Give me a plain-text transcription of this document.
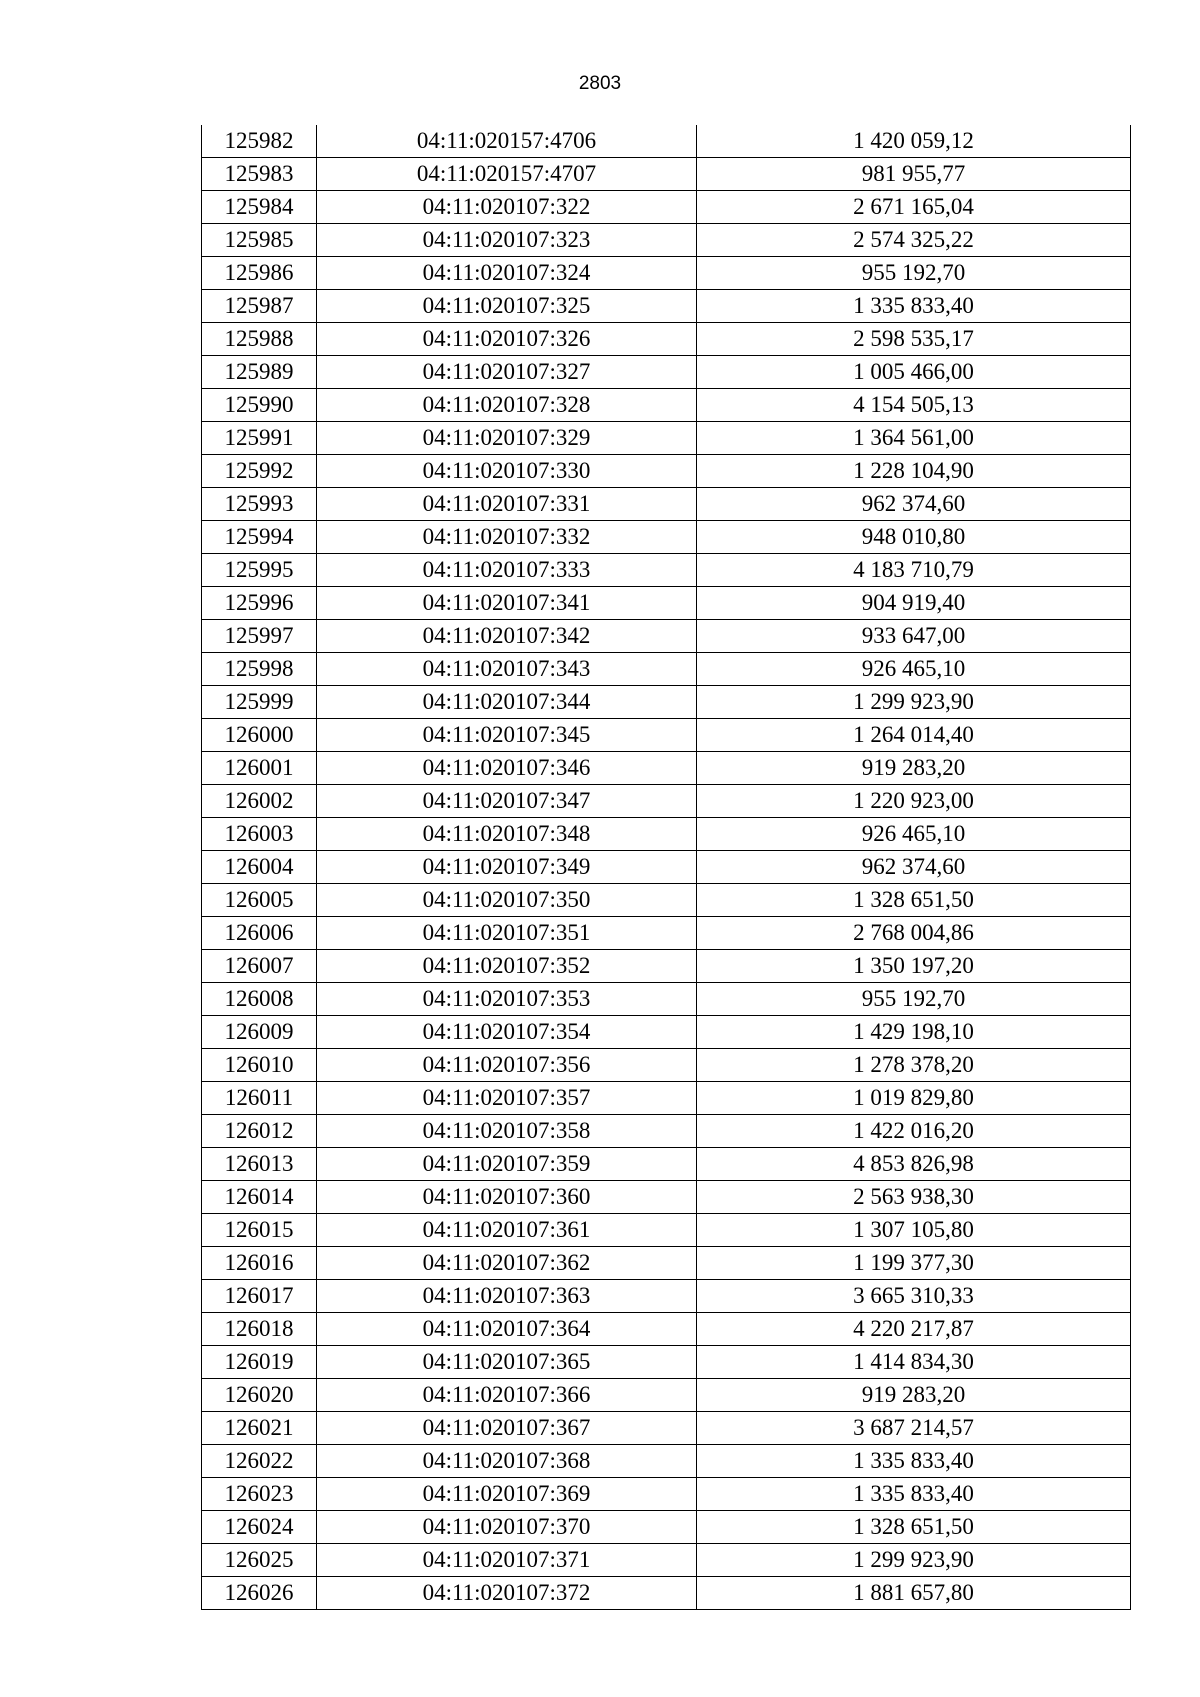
2803
125982	04:11:020157:4706	1 420 059,12
125983	04:11:020157:4707	981 955,77
125984	04:11:020107:322	2 671 165,04
125985	04:11:020107:323	2 574 325,22
125986	04:11:020107:324	955 192,70
125987	04:11:020107:325	1 335 833,40
125988	04:11:020107:326	2 598 535,17
125989	04:11:020107:327	1 005 466,00
125990	04:11:020107:328	4 154 505,13
125991	04:11:020107:329	1 364 561,00
125992	04:11:020107:330	1 228 104,90
125993	04:11:020107:331	962 374,60
125994	04:11:020107:332	948 010,80
125995	04:11:020107:333	4 183 710,79
125996	04:11:020107:341	904 919,40
125997	04:11:020107:342	933 647,00
125998	04:11:020107:343	926 465,10
125999	04:11:020107:344	1 299 923,90
126000	04:11:020107:345	1 264 014,40
126001	04:11:020107:346	919 283,20
126002	04:11:020107:347	1 220 923,00
126003	04:11:020107:348	926 465,10
126004	04:11:020107:349	962 374,60
126005	04:11:020107:350	1 328 651,50
126006	04:11:020107:351	2 768 004,86
126007	04:11:020107:352	1 350 197,20
126008	04:11:020107:353	955 192,70
126009	04:11:020107:354	1 429 198,10
126010	04:11:020107:356	1 278 378,20
126011	04:11:020107:357	1 019 829,80
126012	04:11:020107:358	1 422 016,20
126013	04:11:020107:359	4 853 826,98
126014	04:11:020107:360	2 563 938,30
126015	04:11:020107:361	1 307 105,80
126016	04:11:020107:362	1 199 377,30
126017	04:11:020107:363	3 665 310,33
126018	04:11:020107:364	4 220 217,87
126019	04:11:020107:365	1 414 834,30
126020	04:11:020107:366	919 283,20
126021	04:11:020107:367	3 687 214,57
126022	04:11:020107:368	1 335 833,40
126023	04:11:020107:369	1 335 833,40
126024	04:11:020107:370	1 328 651,50
126025	04:11:020107:371	1 299 923,90
126026	04:11:020107:372	1 881 657,80
